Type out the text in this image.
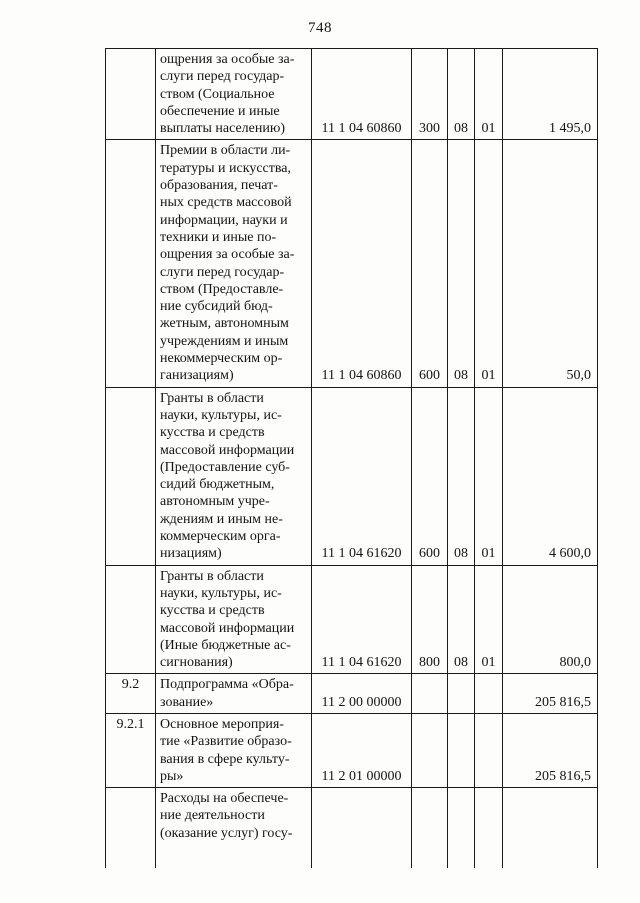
748
	ощрения за особые за-
слуги перед государ-
ством (Социальное
обеспечение и иные
выплаты населению)	11 1 04 60860	300	08	01	1 495,0
	Премии в области ли-
тературы и искусства,
образования, печат-
ных средств массовой
информации, науки и
техники и иные по-
ощрения за особые за-
слуги перед государ-
ством (Предоставле-
ние субсидий бюд-
жетным, автономным
учреждениям и иным
некоммерческим ор-
ганизациям)	11 1 04 60860	600	08	01	50,0
	Гранты в области
науки, культуры, ис-
кусства и средств
массовой информации
(Предоставление суб-
сидий бюджетным,
автономным учре-
ждениям и иным не-
коммерческим орга-
низациям)	11 1 04 61620	600	08	01	4 600,0
	Гранты в области
науки, культуры, ис-
кусства и средств
массовой информации
(Иные бюджетные ас-
сигнования)	11 1 04 61620	800	08	01	800,0
9.2	Подпрограмма «Обра-
зование»	11 2 00 00000				205 816,5
9.2.1	Основное мероприя-
тие «Развитие образо-
вания в сфере культу-
ры»	11 2 01 00000				205 816,5
	Расходы на обеспече-
ние деятельности
(оказание услуг) госу-					
